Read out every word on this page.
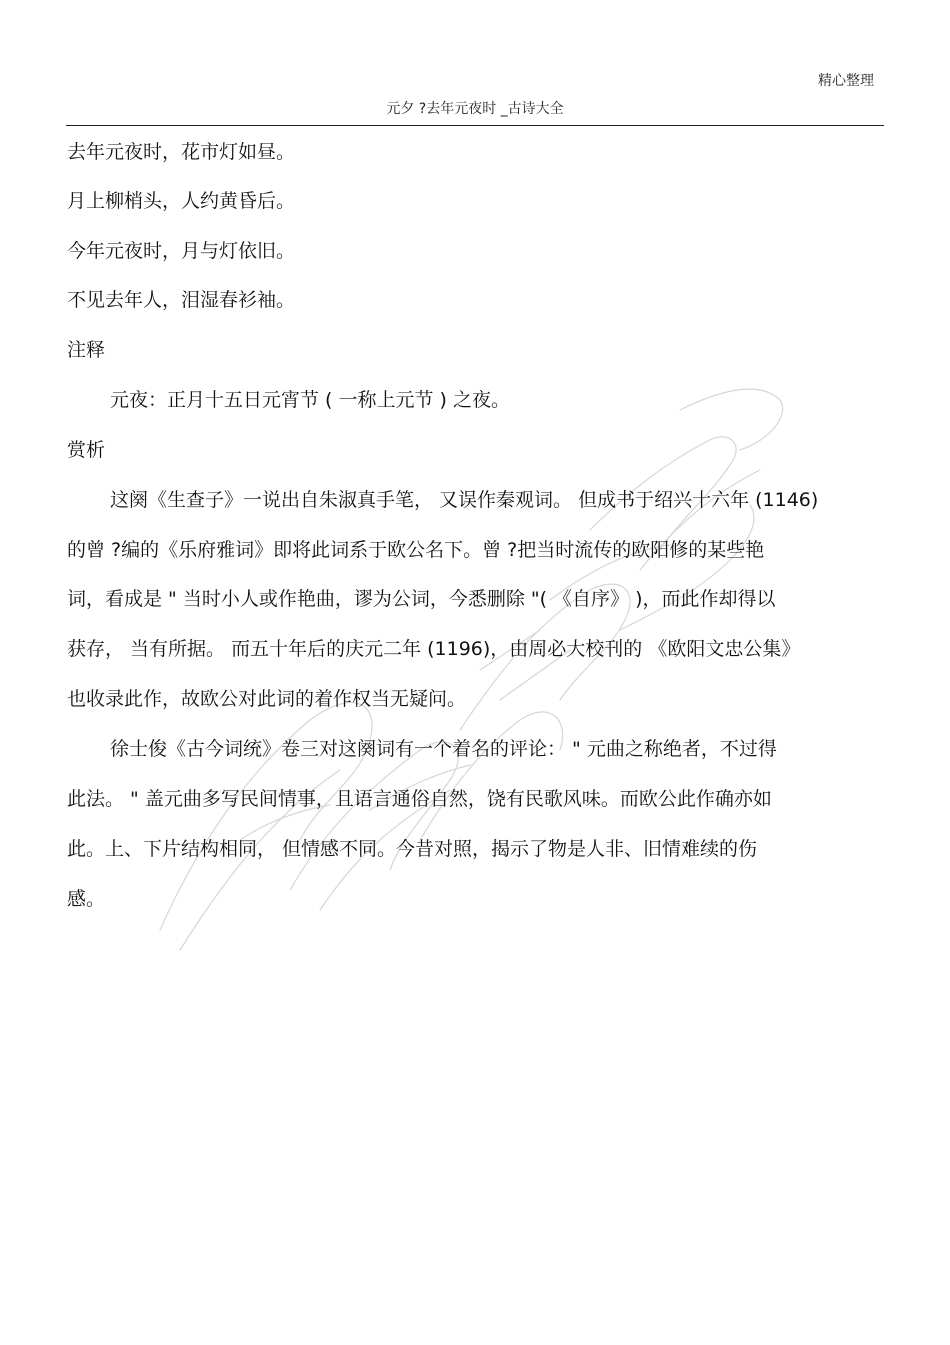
精心整理
元夕 ?去年元夜时 _古诗大全
去年元夜时，花市灯如昼。
月上柳梢头，人约黄昏后。
今年元夜时，月与灯依旧。
不见去年人，泪湿春衫袖。
注释
元夜：正月十五日元宵节 ( 一称上元节 ) 之夜。
赏析
这阕《生查子》一说出自朱淑真手笔， 又误作秦观词。 但成书于绍兴十六年 (1146)
的曾 ?编的《乐府雅词》即将此词系于欧公名下。曾 ?把当时流传的欧阳修的某些艳
词，看成是 " 当时小人或作艳曲，谬为公词，今悉删除 "( 《自序》 )，而此作却得以
获存， 当有所据。 而五十年后的庆元二年 (1196)，由周必大校刊的 《欧阳文忠公集》
也收录此作，故欧公对此词的着作权当无疑问。
徐士俊《古今词统》卷三对这阕词有一个着名的评论： " 元曲之称绝者，不过得
此法。 " 盖元曲多写民间情事，且语言通俗自然，饶有民歌风味。而欧公此作确亦如
此。上、下片结构相同， 但情感不同。今昔对照，揭示了物是人非、旧情难续的伤
感。
